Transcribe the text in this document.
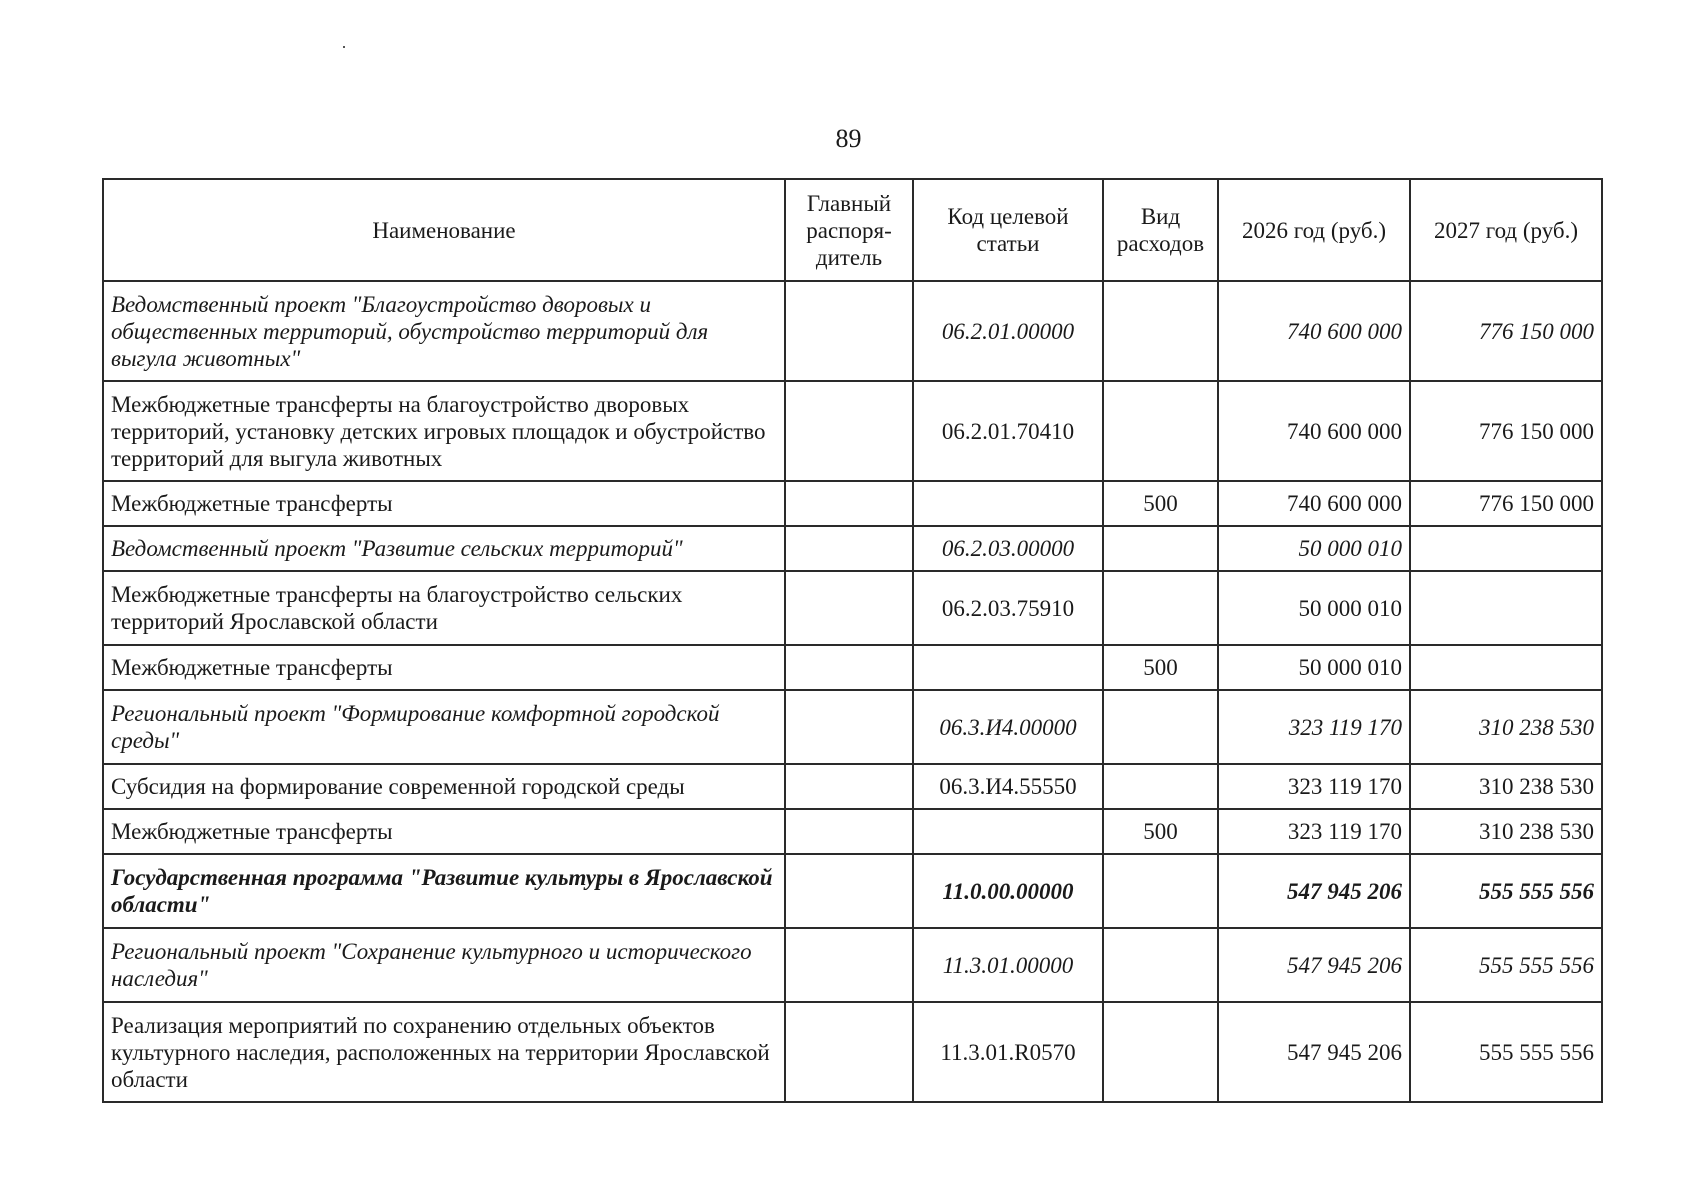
89
Наименование	Главный распоря-дитель	Код целевой статьи	Вид расходов	2026 год (руб.)	2027 год (руб.)
Ведомственный проект "Благоустройство дворовых и общественных территорий, обустройство территорий для выгула животных"		06.2.01.00000		740 600 000	776 150 000
Межбюджетные трансферты на благоустройство дворовых территорий, установку детских игровых площадок и обустройство территорий для выгула животных		06.2.01.70410		740 600 000	776 150 000
Межбюджетные трансферты			500	740 600 000	776 150 000
Ведомственный проект "Развитие сельских территорий"		06.2.03.00000		50 000 010	
Межбюджетные трансферты на благоустройство сельских территорий Ярославской области		06.2.03.75910		50 000 010	
Межбюджетные трансферты			500	50 000 010	
Региональный проект "Формирование комфортной городской среды"		06.3.И4.00000		323 119 170	310 238 530
Субсидия на формирование современной городской среды		06.3.И4.55550		323 119 170	310 238 530
Межбюджетные трансферты			500	323 119 170	310 238 530
Государственная программа "Развитие культуры в Ярославской области"		11.0.00.00000		547 945 206	555 555 556
Региональный проект "Сохранение культурного и исторического наследия"		11.3.01.00000		547 945 206	555 555 556
Реализация мероприятий по сохранению отдельных объектов культурного наследия, расположенных на территории Ярославской области		11.3.01.R0570		547 945 206	555 555 556
